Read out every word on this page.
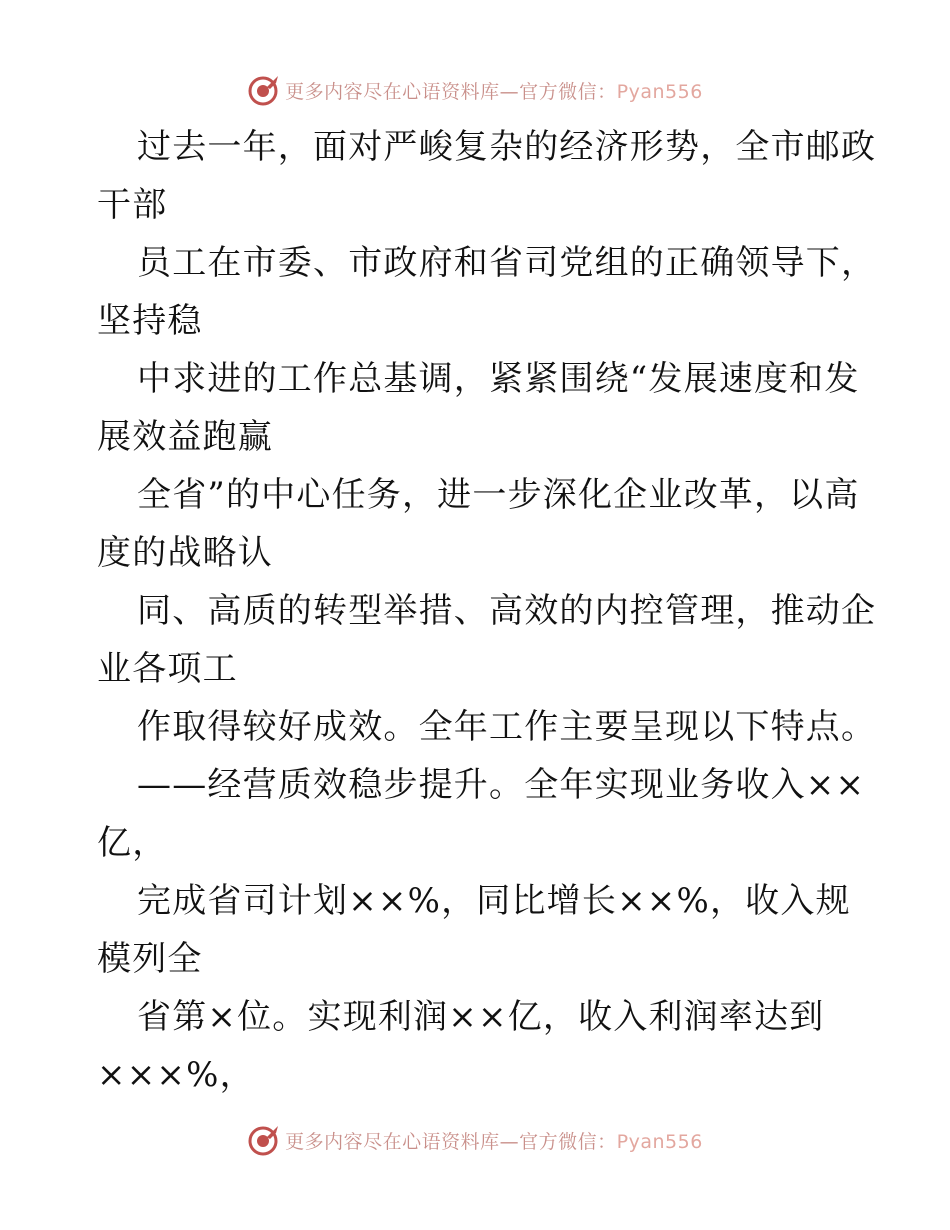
更多内容尽在心语资料库—官方微信：Pyan556
过去一年，面对严峻复杂的经济形势，全市邮政
干部
员工在市委、市政府和省司党组的正确领导下，
坚持稳
中求进的工作总基调，紧紧围绕“发展速度和发
展效益跑赢
全省”的中心任务，进一步深化企业改革，以高
度的战略认
同、高质的转型举措、高效的内控管理，推动企
业各项工
作取得较好成效。全年工作主要呈现以下特点。
——经营质效稳步提升。全年实现业务收入××
亿，
完成省司计划××%，同比增长××%，收入规
模列全
省第×位。实现利润××亿，收入利润率达到
×××%，
更多内容尽在心语资料库—官方微信：Pyan556
